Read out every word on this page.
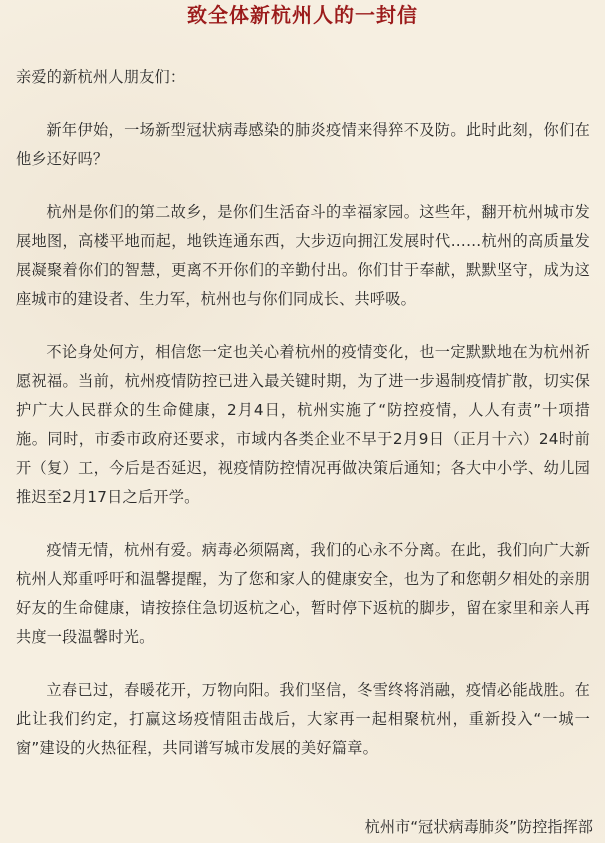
致全体新杭州人的一封信

亲爱的新杭州人朋友们：

新年伊始，一场新型冠状病毒感染的肺炎疫情来得猝不及防。此时此刻，你们在他乡还好吗？

杭州是你们的第二故乡，是你们生活奋斗的幸福家园。这些年，翻开杭州城市发展地图，高楼平地而起，地铁连通东西，大步迈向拥江发展时代……杭州的高质量发展凝聚着你们的智慧，更离不开你们的辛勤付出。你们甘于奉献，默默坚守，成为这座城市的建设者、生力军，杭州也与你们同成长、共呼吸。

不论身处何方，相信您一定也关心着杭州的疫情变化，也一定默默地在为杭州祈愿祝福。当前，杭州疫情防控已进入最关键时期，为了进一步遏制疫情扩散，切实保护广大人民群众的生命健康，2月4日，杭州实施了“防控疫情，人人有责”十项措施。同时，市委市政府还要求，市域内各类企业不早于2月9日（正月十六）24时前开（复）工，今后是否延迟，视疫情防控情况再做决策后通知；各大中小学、幼儿园推迟至2月17日之后开学。

疫情无情，杭州有爱。病毒必须隔离，我们的心永不分离。在此，我们向广大新杭州人郑重呼吁和温馨提醒，为了您和家人的健康安全，也为了和您朝夕相处的亲朋好友的生命健康，请按捺住急切返杭之心，暂时停下返杭的脚步，留在家里和亲人再共度一段温馨时光。

立春已过，春暖花开，万物向阳。我们坚信，冬雪终将消融，疫情必能战胜。在此让我们约定，打赢这场疫情阻击战后，大家再一起相聚杭州，重新投入“一城一窗”建设的火热征程，共同谱写城市发展的美好篇章。

杭州市“冠状病毒肺炎”防控指挥部
